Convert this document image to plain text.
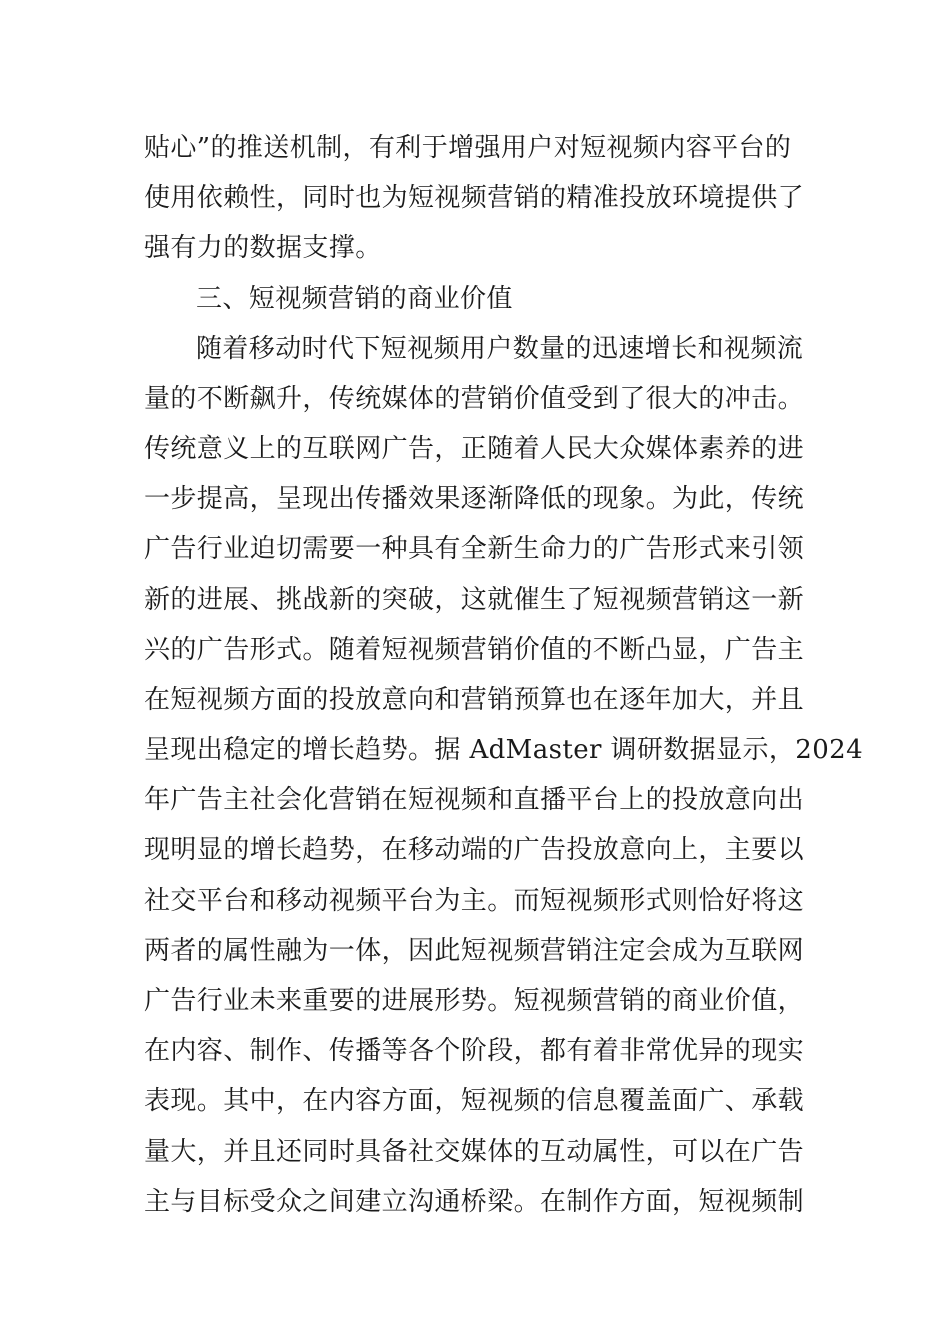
贴心”的推送机制，有利于增强用户对短视频内容平台的
使用依赖性，同时也为短视频营销的精准投放环境提供了
强有力的数据支撑。
三、短视频营销的商业价值
随着移动时代下短视频用户数量的迅速增长和视频流
量的不断飙升，传统媒体的营销价值受到了很大的冲击。
传统意义上的互联网广告，正随着人民大众媒体素养的进
一步提高，呈现出传播效果逐渐降低的现象。为此，传统
广告行业迫切需要一种具有全新生命力的广告形式来引领
新的进展、挑战新的突破，这就催生了短视频营销这一新
兴的广告形式。随着短视频营销价值的不断凸显，广告主
在短视频方面的投放意向和营销预算也在逐年加大，并且
呈现出稳定的增长趋势。据 AdMaster 调研数据显示，2024
年广告主社会化营销在短视频和直播平台上的投放意向出
现明显的增长趋势，在移动端的广告投放意向上，主要以
社交平台和移动视频平台为主。而短视频形式则恰好将这
两者的属性融为一体，因此短视频营销注定会成为互联网
广告行业未来重要的进展形势。短视频营销的商业价值，
在内容、制作、传播等各个阶段，都有着非常优异的现实
表现。其中，在内容方面，短视频的信息覆盖面广、承载
量大，并且还同时具备社交媒体的互动属性，可以在广告
主与目标受众之间建立沟通桥梁。在制作方面，短视频制
